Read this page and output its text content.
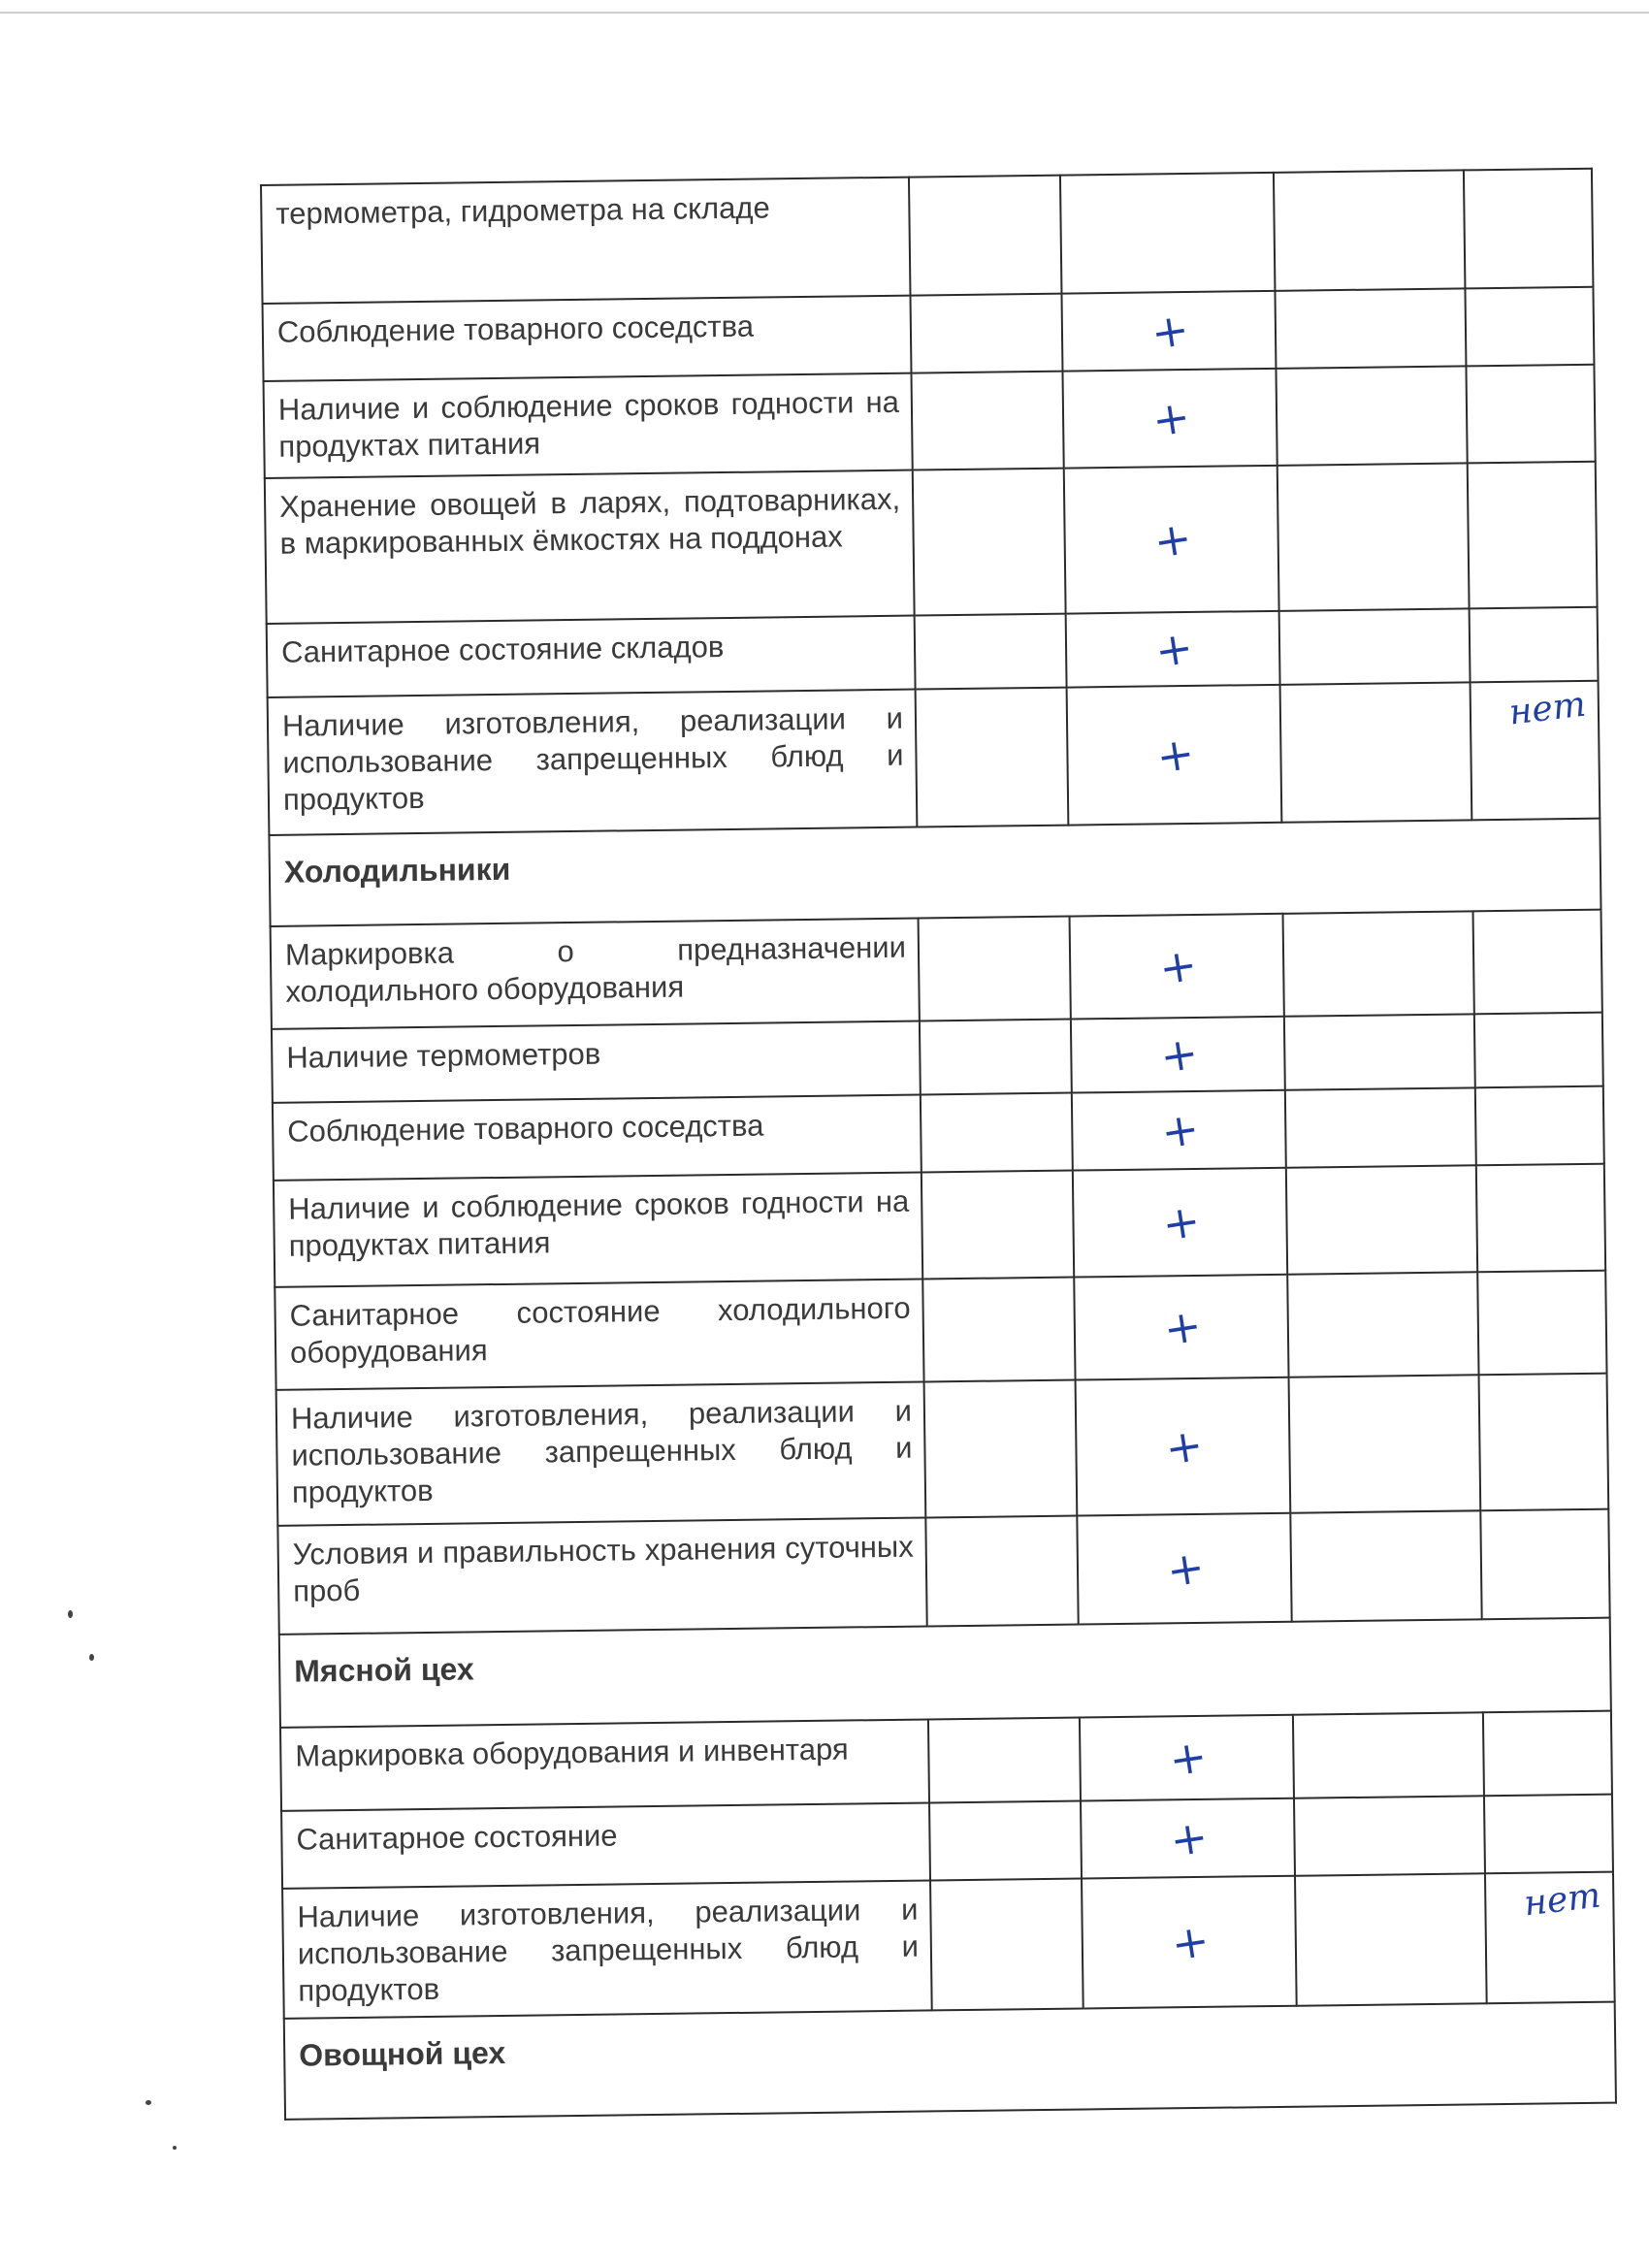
термометра, гидрометра на складе				

Соблюдение товарного соседства		+		

Наличие и соблюдение сроков годности на продуктах питания		+		

Хранение овощей в ларях, подтоварниках, в маркированных ёмкостях на поддонах		+		

Санитарное состояние складов		+		

Наличие изготовления, реализации и использование запрещенных блюд и продуктов		+		нет

Холодильники				
Маркировка о предназначении холодильного оборудования		+		

Наличие термометров		+		

Соблюдение товарного соседства		+		

Наличие и соблюдение сроков годности на продуктах питания		+		

Санитарное состояние холодильного оборудования		+		

Наличие изготовления, реализации и использование запрещенных блюд и продуктов		+		

Условия и правильность хранения суточных проб		+		

Мясной цех				
Маркировка оборудования и инвентаря		+		

Санитарное состояние		+		

Наличие изготовления, реализации и использование запрещенных блюд и продуктов		+		нет

Овощной цех				
